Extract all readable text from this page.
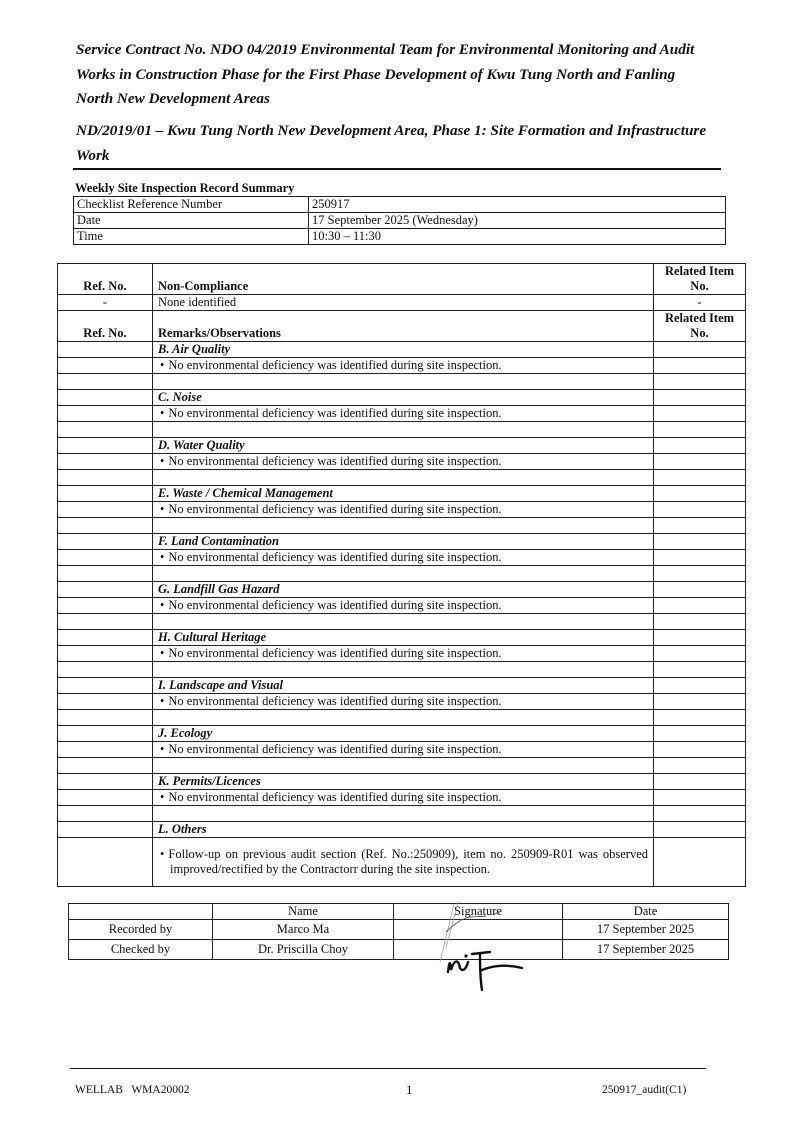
Service Contract No. NDO 04/2019 Environmental Team for Environmental Monitoring and Audit Works in Construction Phase for the First Phase Development of Kwu Tung North and Fanling North New Development Areas
ND/2019/01 – Kwu Tung North New Development Area, Phase 1: Site Formation and Infrastructure Work
Weekly Site Inspection Record Summary
Checklist Reference Number	250917
Date	17 September 2025 (Wednesday)
Time	10:30 – 11:30
Ref. No.	Non-Compliance	Related Item No.
-	None identified	-
Ref. No.	Remarks/Observations	Related Item No.
	B. Air Quality	

	• No environmental deficiency was identified during site inspection.	

	C. Noise	

	• No environmental deficiency was identified during site inspection.	

	D. Water Quality	

	• No environmental deficiency was identified during site inspection.	

	E. Waste / Chemical Management	

	• No environmental deficiency was identified during site inspection.	

	F. Land Contamination	

	• No environmental deficiency was identified during site inspection.	

	G. Landfill Gas Hazard	

	• No environmental deficiency was identified during site inspection.	

	H. Cultural Heritage	

	• No environmental deficiency was identified during site inspection.	

	I. Landscape and Visual	

	• No environmental deficiency was identified during site inspection.	

	J. Ecology	

	• No environmental deficiency was identified during site inspection.	

	K. Permits/Licences	

	• No environmental deficiency was identified during site inspection.	

	L. Others	

	• Follow-up on previous audit section (Ref. No.:250909), item no. 250909-R01 was observed improved/rectified by the Contractorr during the site inspection.	

	Name	Signature	Date
Recorded by	Marco Ma		17 September 2025
Checked by	Dr. Priscilla Choy		17 September 2025
WELLAB   WMA20002	1	250917_audit(C1)
